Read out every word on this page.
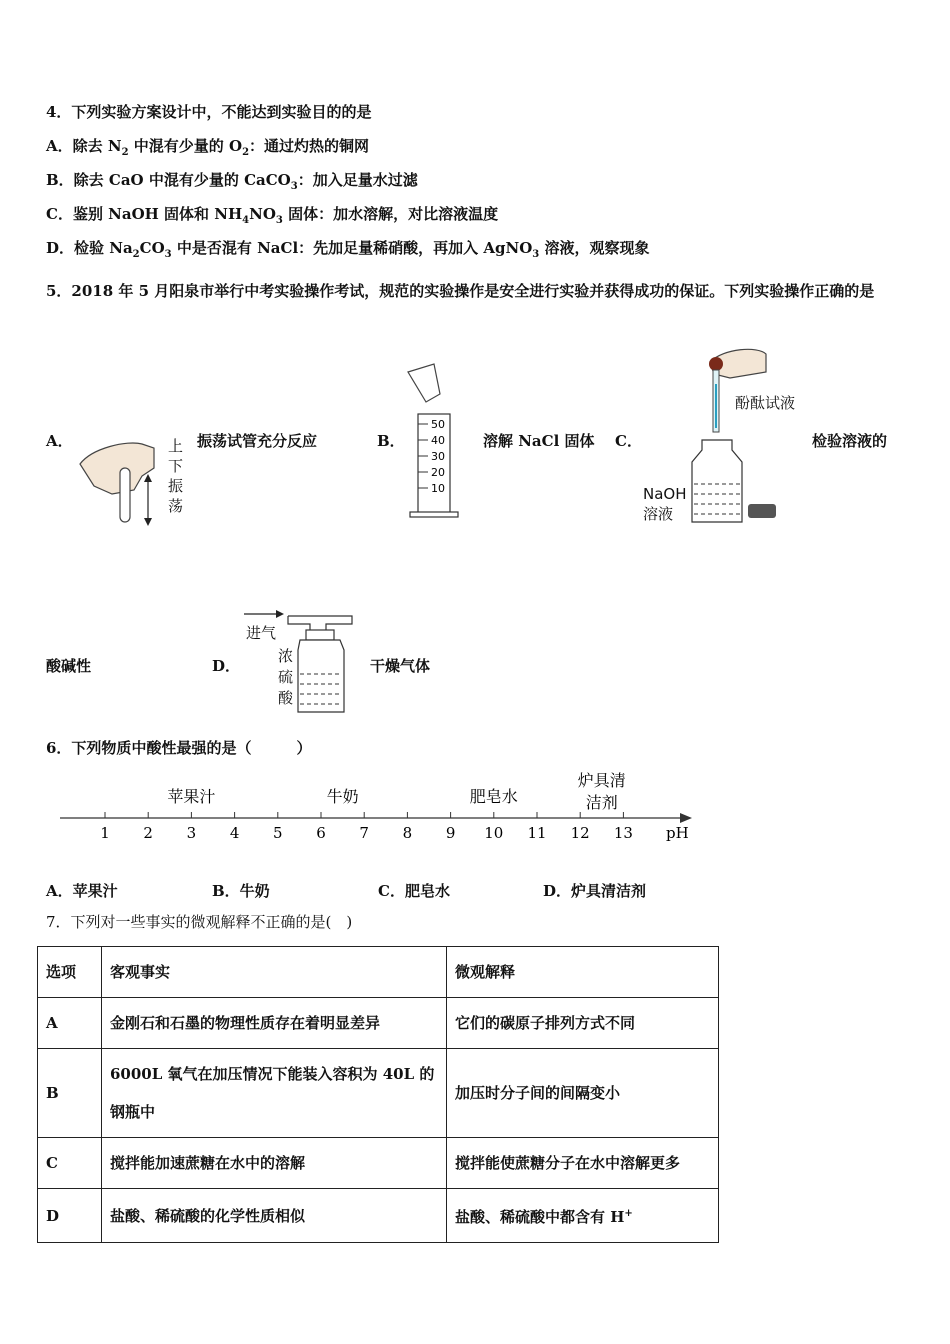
4．下列实验方案设计中，不能达到实验目的的是
A．除去 $N_2$ 中混有少量的 $O_2$：通过灼热的铜网
B．除去 CaO 中混有少量的 CaCO$_3$：加入足量水过滤
C．鉴别 NaOH 固体和 $NH_4NO_3$ 固体：加水溶解，对比溶液温度
D．检验 $Na_2CO_3$ 中是否混有 NaCl：先加足量稀硝酸，再加入 AgNO$_3$ 溶液，观察现象
5．2018 年 5 月阳泉市举行中考实验操作考试，规范的实验操作是安全进行实验并获得成功的保证。下列实验操作正确的是
A．	上
下
振
荡
振荡试管充分反应	B．
50
40
30
20
10
溶解 NaCl 固体 C．
酚酞试液
NaOH
溶液
检验溶液的
酸碱性	D．
进气
浓
硫
酸
干燥气体
6．下列物质中酸性最强的是（　　　）
1 2 3 4 5 6 7 8 9 10 11 12 13 pH
苹果汁	牛奶	肥皂水
炉具清
洁剂
A．苹果汁	B．牛奶	C．肥皂水	D．炉具清洁剂
7．下列对一些事实的微观解释不正确的是(　)
选项	客观事实	微观解释
A	金刚石和石墨的物理性质存在着明显差异	它们的碳原子排列方式不同
B	6000L 氧气在加压情况下能装入容积为 40L 的钢瓶中	加压时分子间的间隔变小
C	搅拌能加速蔗糖在水中的溶解	搅拌能使蔗糖分子在水中溶解更多
D	盐酸、稀硫酸的化学性质相似	盐酸、稀硫酸中都含有 H+
